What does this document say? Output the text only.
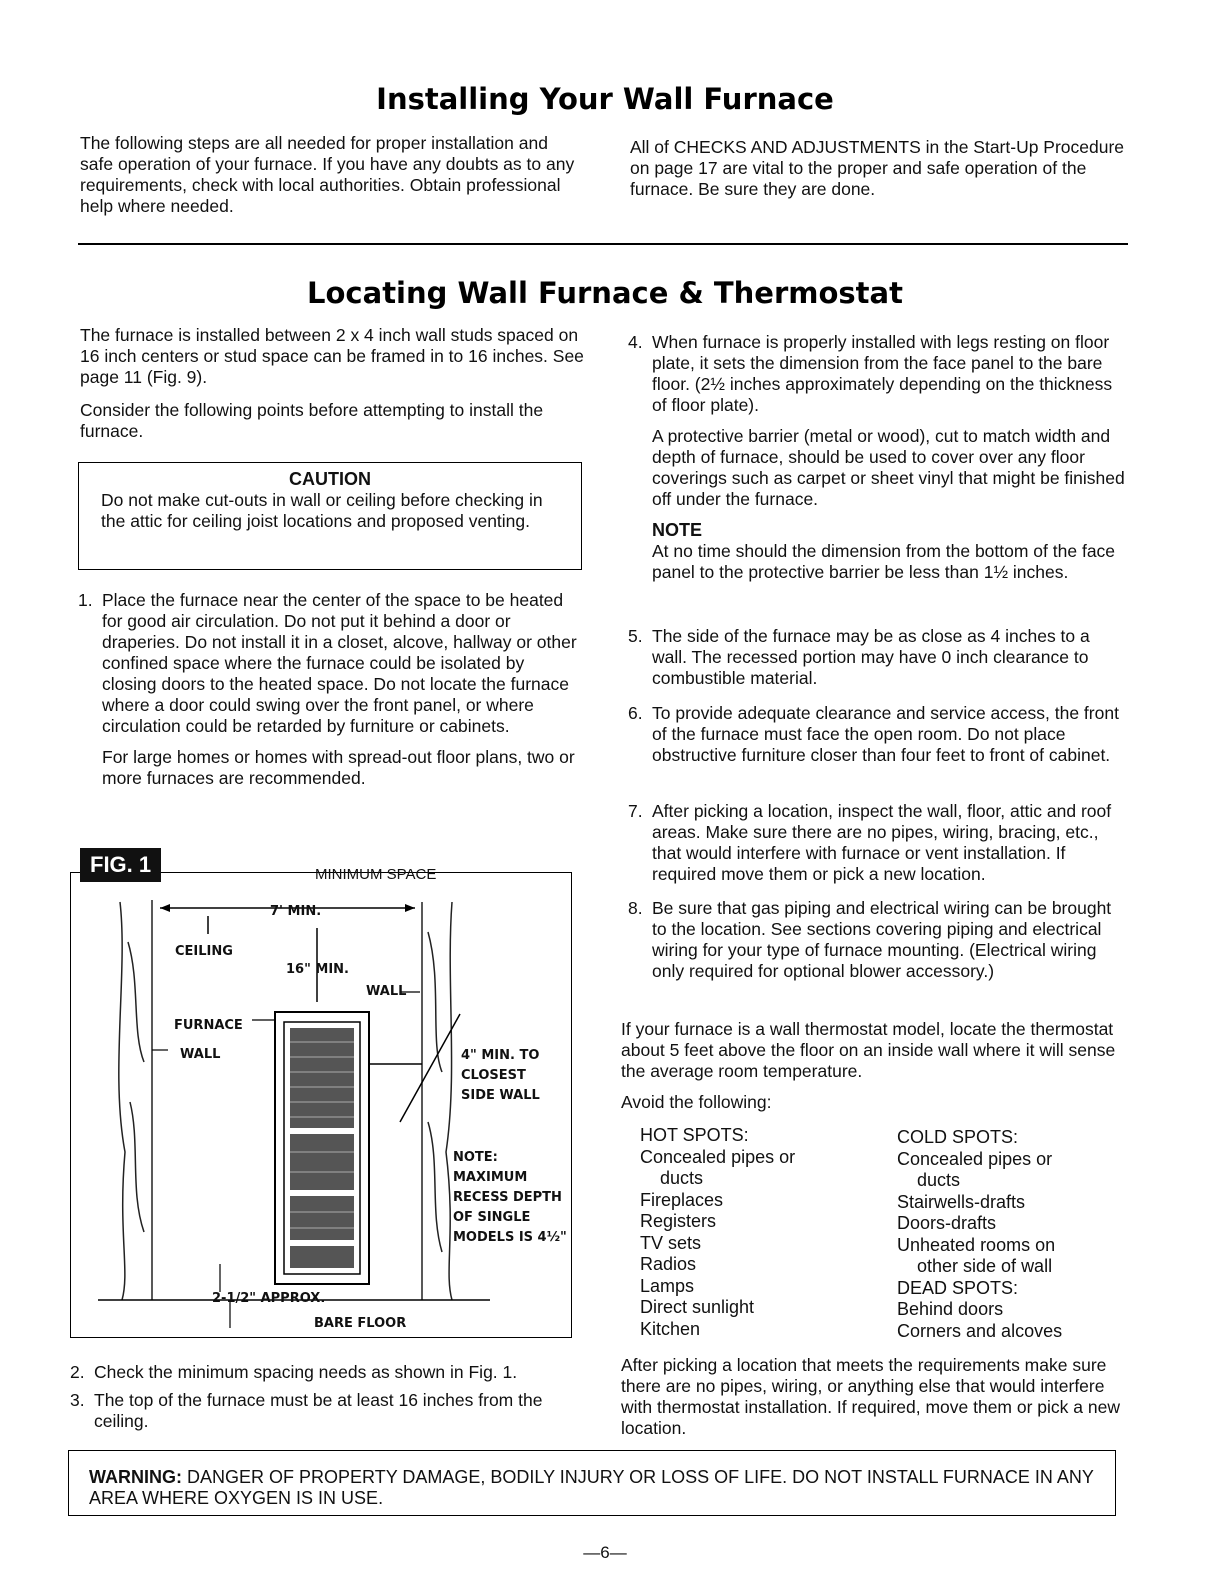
Installing Your Wall Furnace

The following steps are all needed for proper installation and safe operation of your furnace. If you have any doubts as to any requirements, check with local authorities. Obtain professional help where needed.

All of CHECKS AND ADJUSTMENTS in the Start-Up Procedure on page 17 are vital to the proper and safe operation of the furnace. Be sure they are done.

Locating Wall Furnace & Thermostat

The furnace is installed between 2 x 4 inch wall studs spaced on 16 inch centers or stud space can be framed in to 16 inches. See page 11 (Fig. 9).

Consider the following points before attempting to install the furnace.

CAUTION
Do not make cut-outs in wall or ceiling before checking in the attic for ceiling joist locations and proposed venting.
1. Place the furnace near the center of the space to be heated for good air circulation. Do not put it behind a door or draperies. Do not install it in a closet, alcove, hallway or other confined space where the furnace could be isolated by closing doors to the heated space. Do not locate the furnace where a door could swing over the front panel, or where circulation could be retarded by furniture or cabinets.
For large homes or homes with spread-out floor plans, two or more furnaces are recommended.
FIG. 1	MINIMUM SPACE
7' MIN.
CEILING
16" MIN.
WALL
FURNACE
WALL	4" MIN. TO
CLOSEST
SIDE WALL
NOTE:
MAXIMUM
RECESS DEPTH
OF SINGLE
MODELS IS 4½"
2-1/2" APPROX.
BARE FLOOR
2. Check the minimum spacing needs as shown in Fig. 1.
3. The top of the furnace must be at least 16 inches from the ceiling.
4. When furnace is properly installed with legs resting on floor plate, it sets the dimension from the face panel to the bare floor. (2½ inches approximately depending on the thickness of floor plate).
A protective barrier (metal or wood), cut to match width and depth of furnace, should be used to cover over any floor coverings such as carpet or sheet vinyl that might be finished off under the furnace.
NOTE
At no time should the dimension from the bottom of the face panel to the protective barrier be less than 1½ inches.
5. The side of the furnace may be as close as 4 inches to a wall. The recessed portion may have 0 inch clearance to combustible material.
6. To provide adequate clearance and service access, the front of the furnace must face the open room. Do not place obstructive furniture closer than four feet to front of cabinet.
7. After picking a location, inspect the wall, floor, attic and roof areas. Make sure there are no pipes, wiring, bracing, etc., that would interfere with furnace or vent installation. If required move them or pick a new location.
8. Be sure that gas piping and electrical wiring can be brought to the location. See sections covering piping and electrical wiring for your type of furnace mounting. (Electrical wiring only required for optional blower accessory.)

If your furnace is a wall thermostat model, locate the thermostat about 5 feet above the floor on an inside wall where it will sense the average room temperature.

Avoid the following:

HOT SPOTS:
Concealed pipes or
ducts
Fireplaces
Registers
TV sets
Radios
Lamps
Direct sunlight
Kitchen
COLD SPOTS:
Concealed pipes or
ducts
Stairwells-drafts
Doors-drafts
Unheated rooms on
other side of wall
DEAD SPOTS:
Behind doors
Corners and alcoves

After picking a location that meets the requirements make sure there are no pipes, wiring, or anything else that would interfere with thermostat installation. If required, move them or pick a new location.

WARNING: DANGER OF PROPERTY DAMAGE, BODILY INJURY OR LOSS OF LIFE. DO NOT INSTALL FURNACE IN ANY AREA WHERE OXYGEN IS IN USE.
—6—
